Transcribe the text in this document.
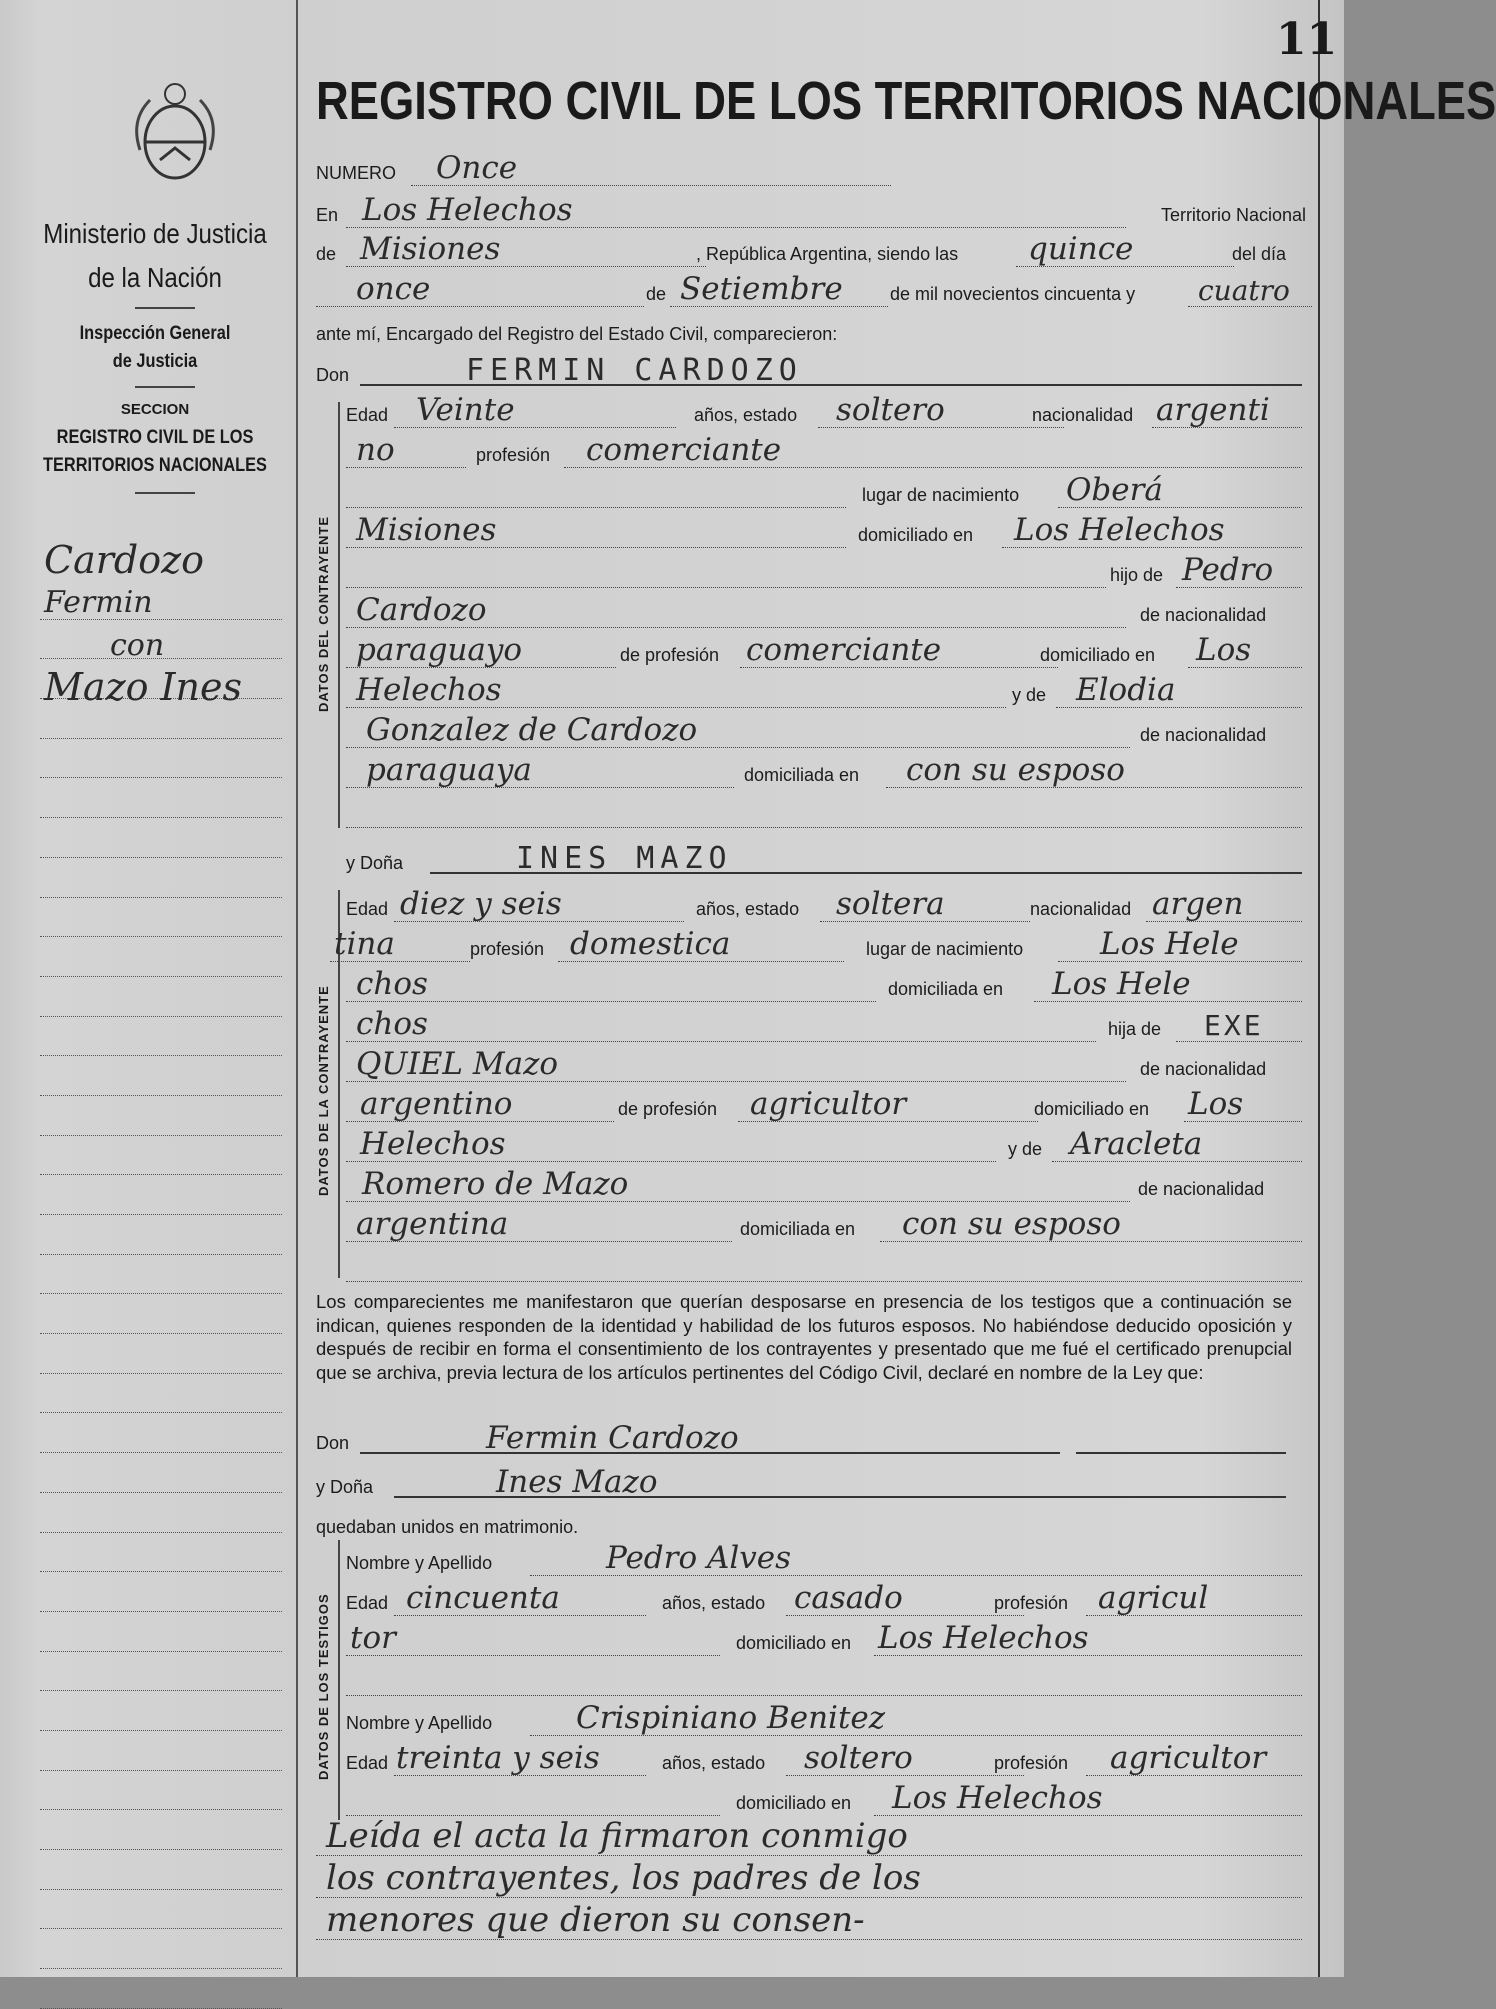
Ministerio de Justicia
de la Nación
Inspección General
de Justicia
SECCION
REGISTRO CIVIL DE LOS
TERRITORIOS NACIONALES
Cardozo
Fermin
con
Mazo Ines
11
REGISTRO CIVIL DE LOS TERRITORIOS NACIONALES
NUMERO Once
En Los Helechos	Territorio Nacional
de Misiones	, República Argentina, siendo las quince	del día
once	de Setiembre	de mil novecientos cincuenta y cuatro
ante mí, Encargado del Registro del Estado Civil, comparecieron:
Don	FERMIN CARDOZO
DATOS DEL CONTRAYENTE
Edad Veinte	años, estado soltero	nacionalidad argenti
no	profesión comerciante
lugar de nacimiento Oberá
Misiones	domiciliado en Los Helechos
hijo de Pedro
Cardozo	de nacionalidad
paraguayo	de profesión comerciante	domiciliado en Los
Helechos	y de Elodia
Gonzalez de Cardozo	de nacionalidad
paraguaya	domiciliada en con su esposo
y Doña	INES MAZO
DATOS DE LA CONTRAYENTE
Edad diez y seis	años, estado soltera	nacionalidad argen
tina	profesión domestica	lugar de nacimiento Los Hele
chos	domiciliada en Los Hele
chos	hija de EXE
QUIEL Mazo	de nacionalidad
argentino	de profesión agricultor	domiciliado en Los
Helechos	y de Aracleta
Romero de Mazo	de nacionalidad
argentina	domiciliada en con su esposo
Los comparecientes me manifestaron que querían desposarse en presencia de los testigos que a continuación se indican, quienes responden de la identidad y habilidad de los futuros esposos. No habiéndose deducido oposición y después de recibir en forma el consentimiento de los contrayentes y presentado que me fué el certificado prenupcial que se archiva, previa lectura de los artículos pertinentes del Código Civil, declaré en nombre de la Ley que:
Don	Fermin Cardozo
y Doña	Ines Mazo
quedaban unidos en matrimonio.
DATOS DE LOS TESTIGOS
Nombre y Apellido	Pedro Alves
Edad cincuenta	años, estado casado	profesión agricul
tor	domiciliado en Los Helechos
Nombre y Apellido	Crispiniano Benitez
Edad treinta y seis	años, estado soltero	profesión agricultor
domiciliado en Los Helechos
Leída el acta la firmaron conmigo
los contrayentes, los padres de los
menores que dieron su consen-
